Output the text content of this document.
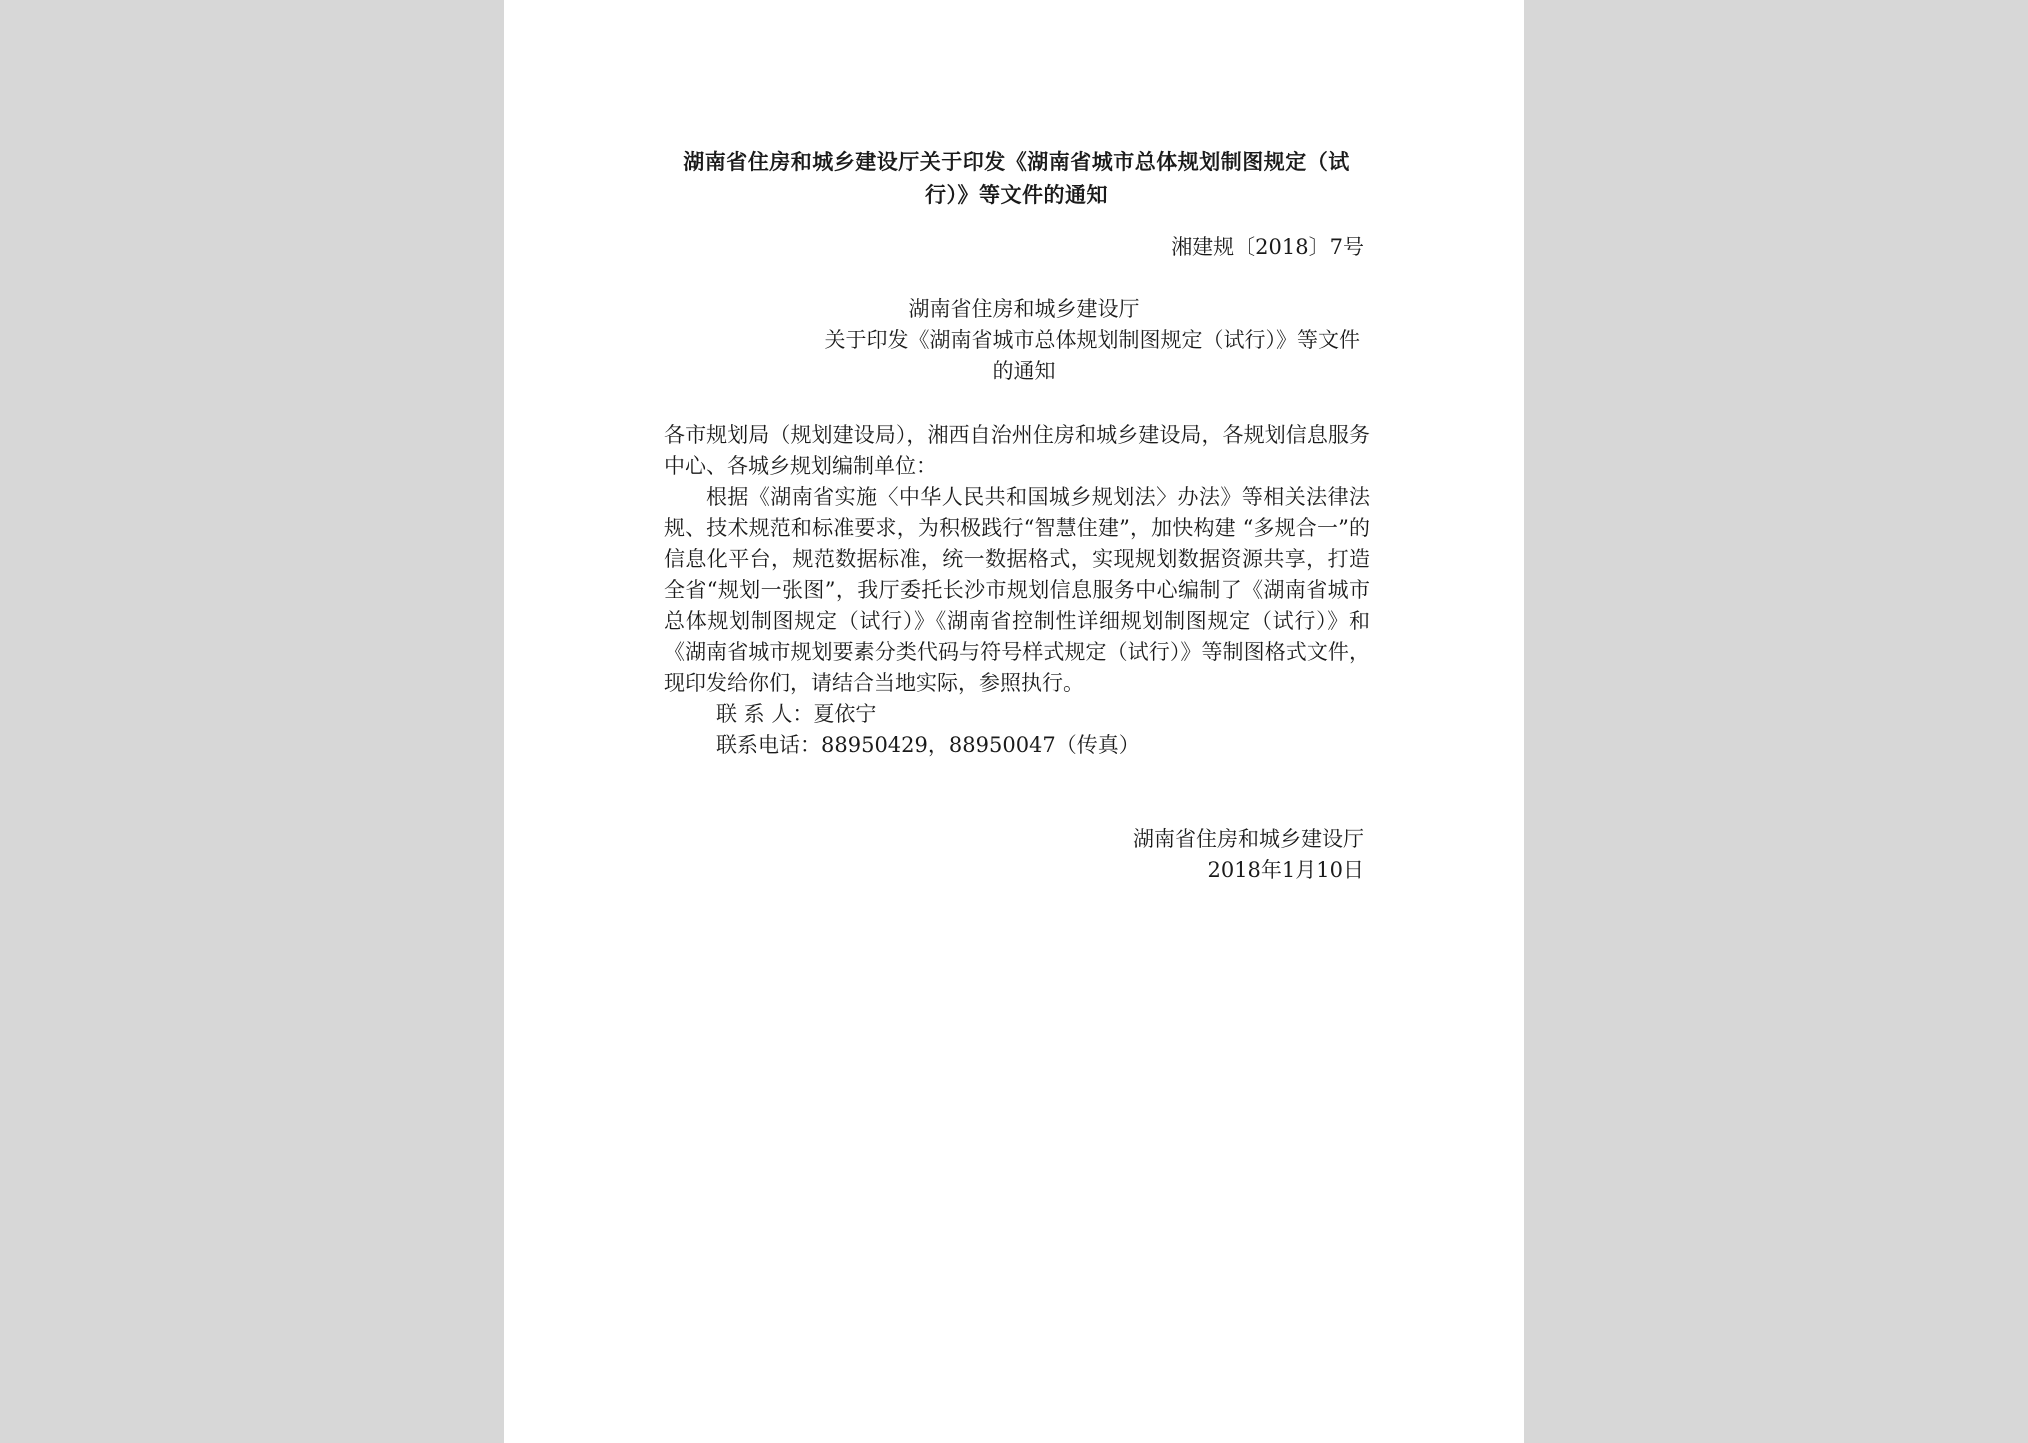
湖南省住房和城乡建设厅关于印发《湖南省城市总体规划制图规定（试行）》等文件的通知
湘建规〔2018〕7号
湖南省住房和城乡建设厅
关于印发《湖南省城市总体规划制图规定（试行）》等文件
的通知

各市规划局（规划建设局），湘西自治州住房和城乡建设局，各规划信息服务中心、各城乡规划编制单位：

根据《湖南省实施〈中华人民共和国城乡规划法〉办法》等相关法律法规、技术规范和标准要求，为积极践行“智慧住建”，加快构建 “多规合一”的信息化平台，规范数据标准，统一数据格式，实现规划数据资源共享，打造全省“规划一张图”，我厅委托长沙市规划信息服务中心编制了《湖南省城市总体规划制图规定（试行）》《湖南省控制性详细规划制图规定（试行）》和《湖南省城市规划要素分类代码与符号样式规定（试行）》等制图格式文件，现印发给你们，请结合当地实际，参照执行。

联 系 人：夏依宁

联系电话：88950429，88950047（传真）

湖南省住房和城乡建设厅
2018年1月10日
